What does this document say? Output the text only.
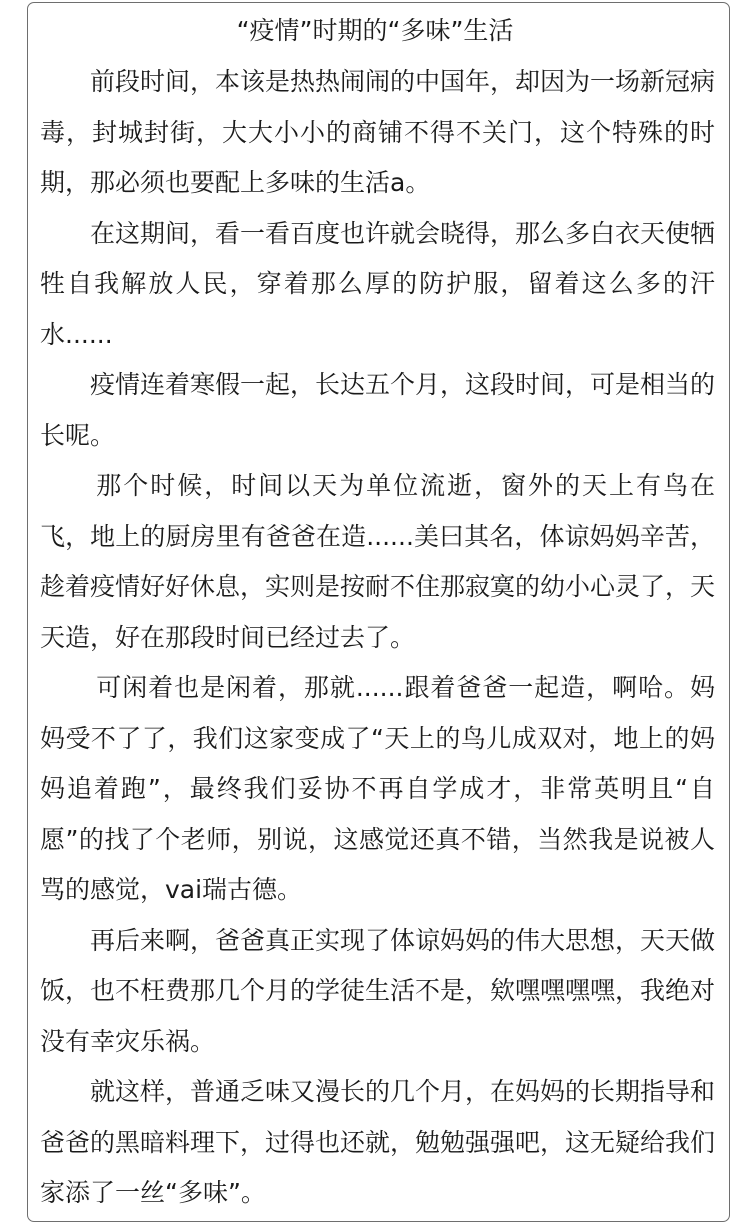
“疫情”时期的“多味”生活

前段时间，本该是热热闹闹的中国年，却因为一场新冠病毒，封城封街，大大小小的商铺不得不关门，这个特殊的时期，那必须也要配上多味的生活a。

在这期间，看一看百度也许就会晓得，那么多白衣天使牺牲自我解放人民，穿着那么厚的防护服，留着这么多的汗水......

疫情连着寒假一起，长达五个月，这段时间，可是相当的长呢。

那个时候，时间以天为单位流逝，窗外的天上有鸟在飞，地上的厨房里有爸爸在造......美曰其名，体谅妈妈辛苦，趁着疫情好好休息，实则是按耐不住那寂寞的幼小心灵了，天天造，好在那段时间已经过去了。

可闲着也是闲着，那就......跟着爸爸一起造，啊哈。妈妈受不了了，我们这家变成了“天上的鸟儿成双对，地上的妈妈追着跑”，最终我们妥协不再自学成才，非常英明且“自愿”的找了个老师，别说，这感觉还真不错，当然我是说被人骂的感觉，vai瑞古德。

再后来啊，爸爸真正实现了体谅妈妈的伟大思想，天天做饭，也不枉费那几个月的学徒生活不是，欸嘿嘿嘿嘿，我绝对没有幸灾乐祸。

就这样，普通乏味又漫长的几个月，在妈妈的长期指导和爸爸的黑暗料理下，过得也还就，勉勉强强吧，这无疑给我们家添了一丝“多味”。
